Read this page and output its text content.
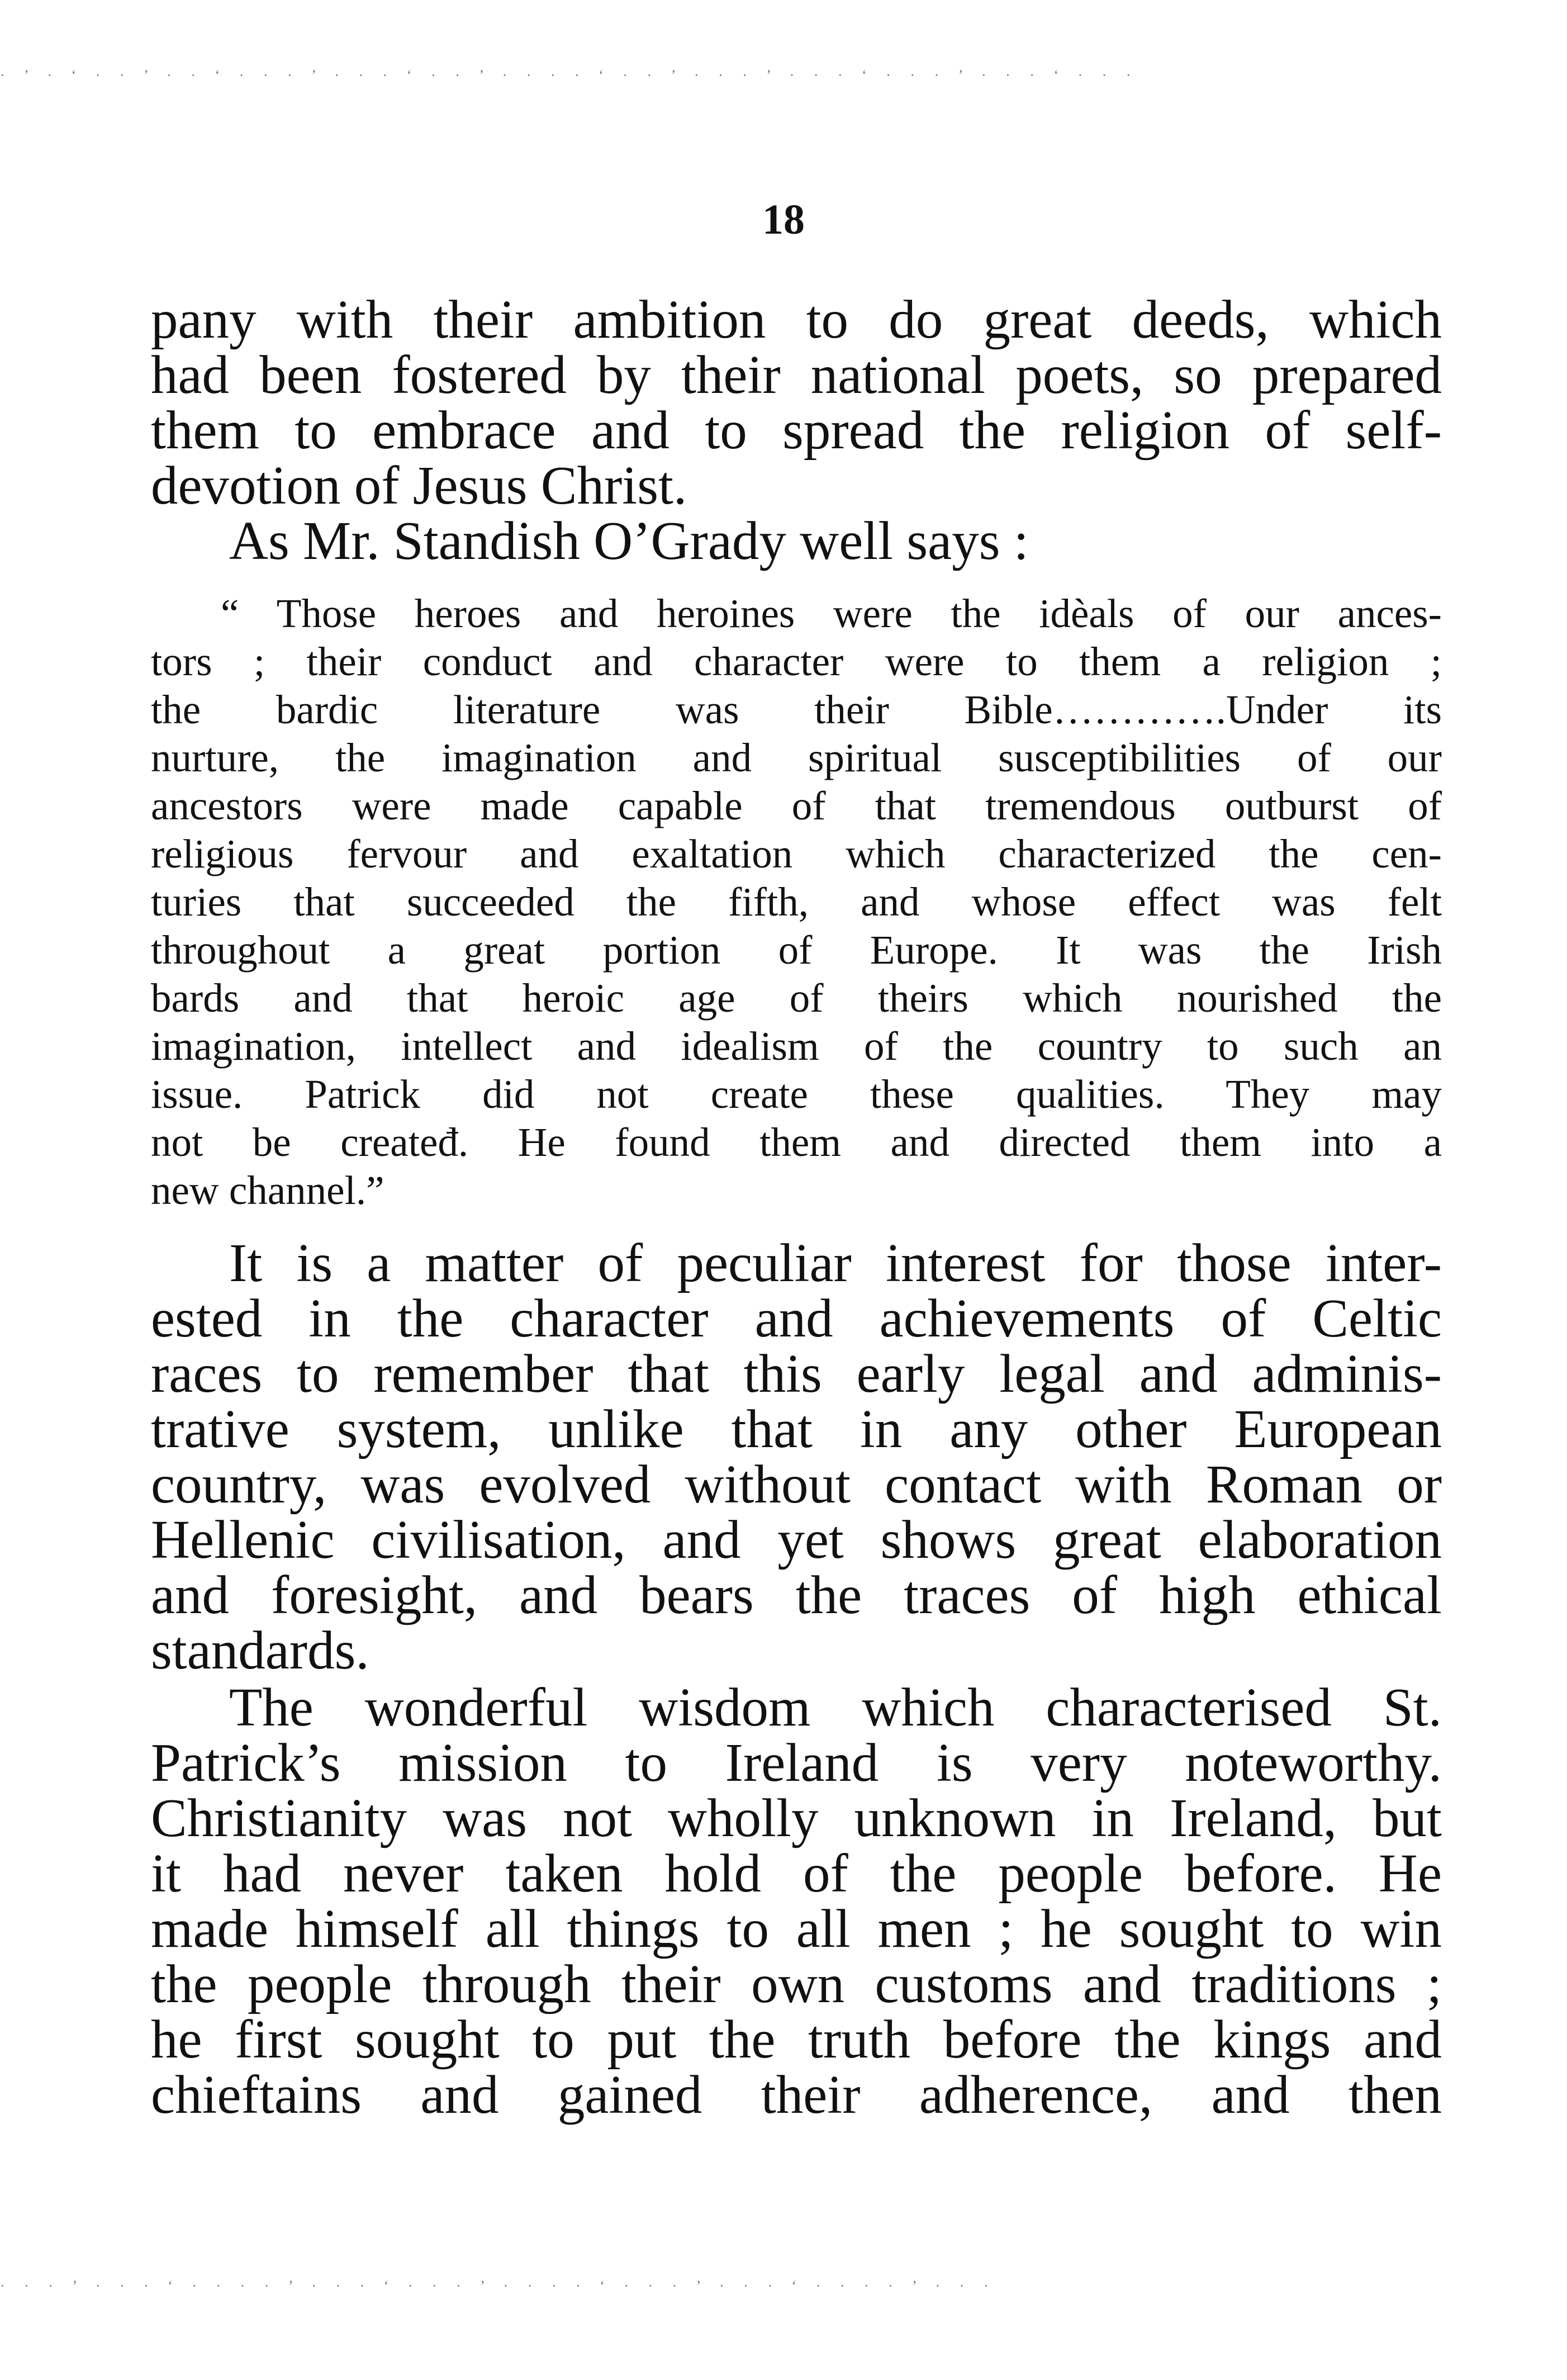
· ’ · ‘ · · ’ · · ‘ · · · ’ · · · ‘ · · ’ · · · · ‘ · · ’ · · · ’ · · · ‘ · · · ’ · · · ‘ · · ·
18
pany with their ambition to do great deeds, which
had been fostered by their national poets, so prepared
them to embrace and to spread the religion of self-
devotion of Jesus Christ.
As Mr. Standish O’Grady well says :
“ Those heroes and heroines were the idèals of our ances-
tors ; their conduct and character were to them a religion ;
the bardic literature was their Bible………….Under its
nurture, the imagination and spiritual susceptibilities of our
ancestors were made capable of that tremendous outburst of
religious fervour and exaltation which characterized the cen-
turies that succeeded the fifth, and whose effect was felt
throughout a great portion of Europe. It was the Irish
bards and that heroic age of theirs which nourished the
imagination, intellect and idealism of the country to such an
issue. Patrick did not create these qualities. They may
not be createđ. He found them and directed them into a
new channel.”
It is a matter of peculiar interest for those inter-
ested in the character and achievements of Celtic
races to remember that this early legal and adminis-
trative system, unlike that in any other European
country, was evolved without contact with Roman or
Hellenic civilisation, and yet shows great elaboration
and foresight, and bears the traces of high ethical
standards.
The wonderful wisdom which characterised St.
Patrick’s mission to Ireland is very noteworthy.
Christianity was not wholly unknown in Ireland, but
it had never taken hold of the people before. He
made himself all things to all men ; he sought to win
the people through their own customs and traditions ;
he first sought to put the truth before the kings and
chieftains and gained their adherence, and then
· · · ’ · · · ‘ · · · · ’ · · · ‘ · · · ’ · · · · ‘ · · · ’ · · · ‘ · · · · ’ · · ·
